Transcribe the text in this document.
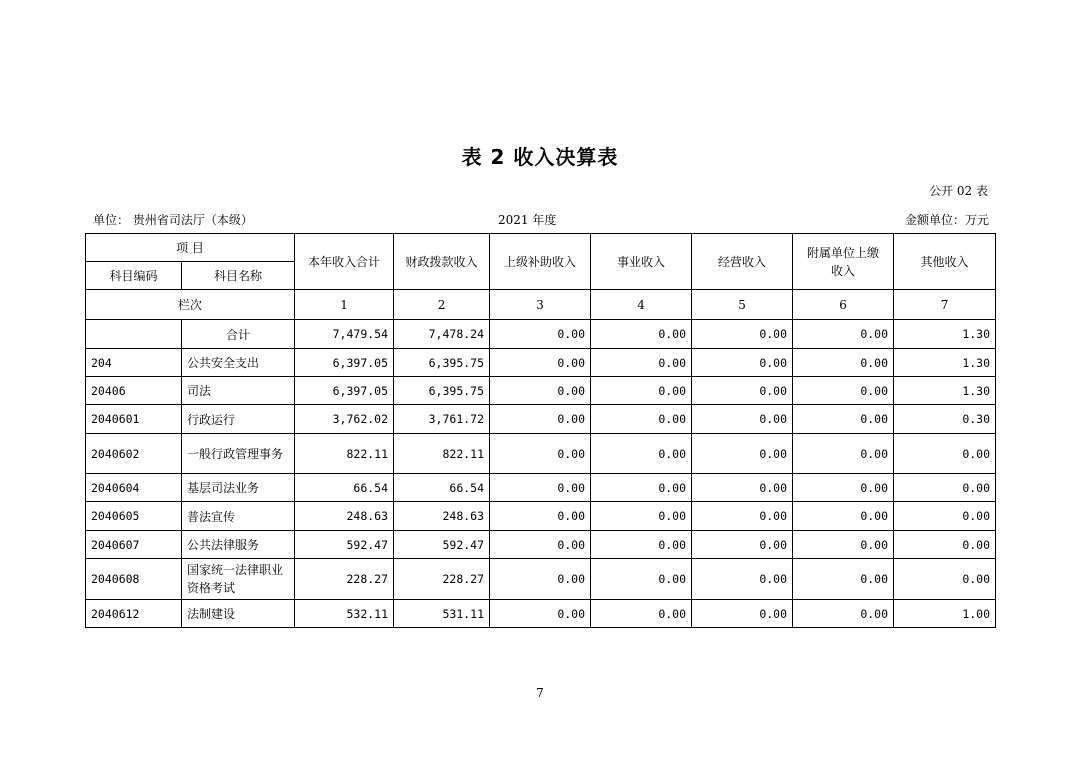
表 2 收入决算表
公开 02 表
单位： 贵州省司法厅（本级）	2021 年度	金额单位：万元
项 目		本年收入合计	财政拨款收入	上级补助收入	事业收入	经营收入	附属单位上缴收入	其他收入
科目编码	科目名称							
栏次		1	2	3	4	5	6	7
	合计	7,479.54	7,478.24	0.00	0.00	0.00	0.00	1.30
204	公共安全支出	6,397.05	6,395.75	0.00	0.00	0.00	0.00	1.30
20406	司法	6,397.05	6,395.75	0.00	0.00	0.00	0.00	1.30
2040601	行政运行	3,762.02	3,761.72	0.00	0.00	0.00	0.00	0.30
2040602	一般行政管理事务	822.11	822.11	0.00	0.00	0.00	0.00	0.00
2040604	基层司法业务	66.54	66.54	0.00	0.00	0.00	0.00	0.00
2040605	普法宣传	248.63	248.63	0.00	0.00	0.00	0.00	0.00
2040607	公共法律服务	592.47	592.47	0.00	0.00	0.00	0.00	0.00
2040608	国家统一法律职业资格考试	228.27	228.27	0.00	0.00	0.00	0.00	0.00
2040612	法制建设	532.11	531.11	0.00	0.00	0.00	0.00	1.00
7
